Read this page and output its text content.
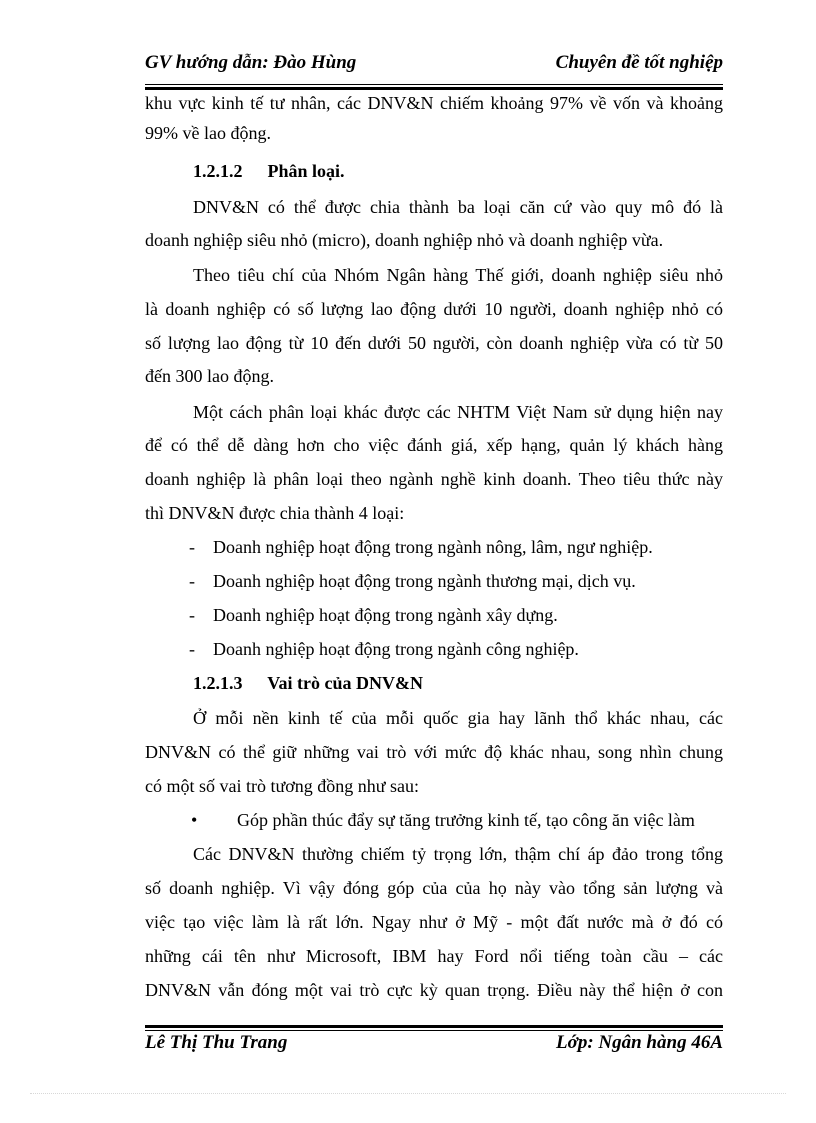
GV hướng dẫn: Đào Hùng	Chuyên đề tốt nghiệp
khu vực kinh tế tư nhân, các DNV&N chiếm khoảng 97% về vốn và khoảng
99% về lao động.
1.2.1.2 Phân loại.
DNV&N có thể được chia thành ba loại căn cứ vào quy mô đó là
doanh nghiệp siêu nhỏ (micro), doanh nghiệp nhỏ và doanh nghiệp vừa.
Theo tiêu chí của Nhóm Ngân hàng Thế giới, doanh nghiệp siêu nhỏ
là doanh nghiệp có số lượng lao động dưới 10 người, doanh nghiệp nhỏ có
số lượng lao động từ 10 đến dưới 50 người, còn doanh nghiệp vừa có từ 50
đến 300 lao động.
Một cách phân loại khác được các NHTM Việt Nam sử dụng hiện nay
để có thể dễ dàng hơn cho việc đánh giá, xếp hạng, quản lý khách hàng
doanh nghiệp là phân loại theo ngành nghề kinh doanh. Theo tiêu thức này
thì DNV&N được chia thành 4 loại:
- Doanh nghiệp hoạt động trong ngành nông, lâm, ngư nghiệp.
- Doanh nghiệp hoạt động trong ngành thương mại, dịch vụ.
- Doanh nghiệp hoạt động trong ngành xây dựng.
- Doanh nghiệp hoạt động trong ngành công nghiệp.
1.2.1.3 Vai trò của DNV&N
Ở mỗi nền kinh tế của mỗi quốc gia hay lãnh thổ khác nhau, các
DNV&N có thể giữ những vai trò với mức độ khác nhau, song nhìn chung
có một số vai trò tương đồng như sau:
• Góp phần thúc đẩy sự tăng trưởng kinh tế, tạo công ăn việc làm
Các DNV&N thường chiếm tỷ trọng lớn, thậm chí áp đảo trong tổng
số doanh nghiệp. Vì vậy đóng góp của của họ này vào tổng sản lượng và
việc tạo việc làm là rất lớn. Ngay như ở Mỹ - một đất nước mà ở đó có
những cái tên như Microsoft, IBM hay Ford nổi tiếng toàn cầu – các
DNV&N vẫn đóng một vai trò cực kỳ quan trọng. Điều này thể hiện ở con
Lê Thị Thu Trang	Lớp: Ngân hàng 46A
